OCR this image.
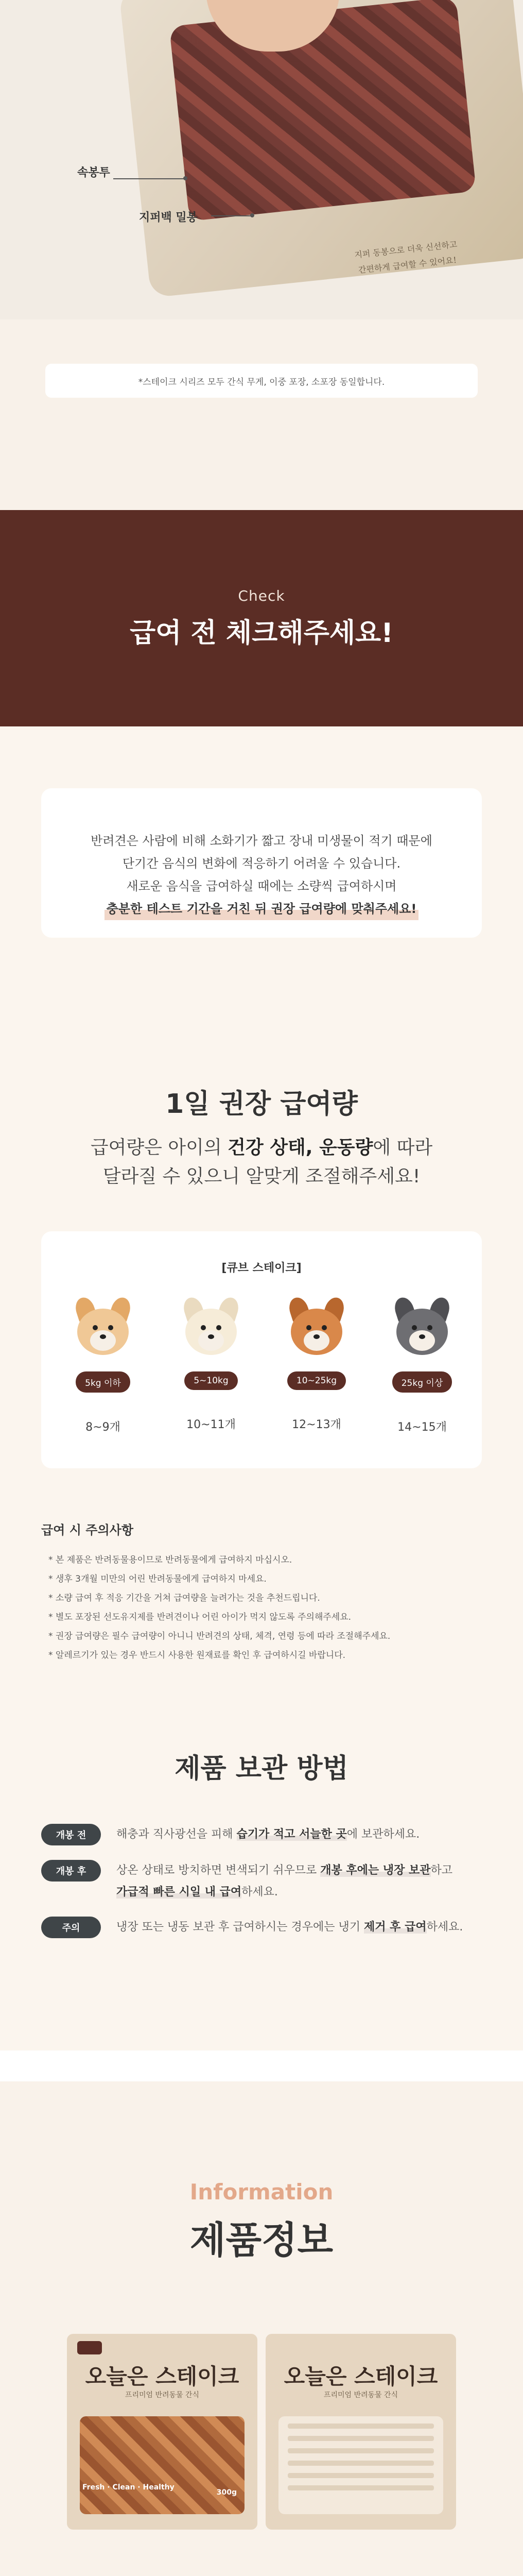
지퍼 동봉으로 더욱 신선하고
간편하게 급여할 수 있어요!
속봉투
지퍼백 밀봉
*스테이크 시리즈 모두 간식 무게, 이중 포장, 소포장 동일합니다.
Check
급여 전 체크해주세요!

반려견은 사람에 비해 소화기가 짧고 장내 미생물이 적기 때문에

단기간 음식의 변화에 적응하기 어려울 수 있습니다.

새로운 음식을 급여하실 때에는 소량씩 급여하시며

충분한 테스트 기간을 거친 뒤 권장 급여량에 맞춰주세요!

1일 권장 급여량
급여량은 아이의 건강 상태, 운동량에 따라
달라질 수 있으니 알맞게 조절해주세요!
[큐브 스테이크]
5kg 이하
8~9개
5~10kg
10~11개
10~25kg
12~13개
25kg 이상
14~15개
급여 시 주의사항
* 본 제품은 반려동물용이므로 반려동물에게 급여하지 마십시오.
* 생후 3개월 미만의 어린 반려동물에게 급여하지 마세요.
* 소량 급여 후 적응 기간을 거쳐 급여량을 늘려가는 것을 추천드립니다.
* 별도 포장된 선도유지제를 반려견이나 어린 아이가 먹지 않도록 주의해주세요.
* 권장 급여량은 필수 급여량이 아니니 반려견의 상태, 체격, 연령 등에 따라 조절해주세요.
* 알레르기가 있는 경우 반드시 사용한 원재료를 확인 후 급여하시길 바랍니다.
제품 보관 방법
개봉 전	해충과 직사광선을 피해 습기가 적고 서늘한 곳에 보관하세요.
개봉 후	상온 상태로 방치하면 변색되기 쉬우므로 개봉 후에는 냉장 보관하고
가급적 빠른 시일 내 급여하세요.
주의	냉장 또는 냉동 보관 후 급여하시는 경우에는 냉기 제거 후 급여하세요.
Information
제품정보
오늘은 스테이크
프리미엄 반려동물 간식
Fresh · Clean · Healthy
300g
오늘은 스테이크
프리미엄 반려동물 간식
